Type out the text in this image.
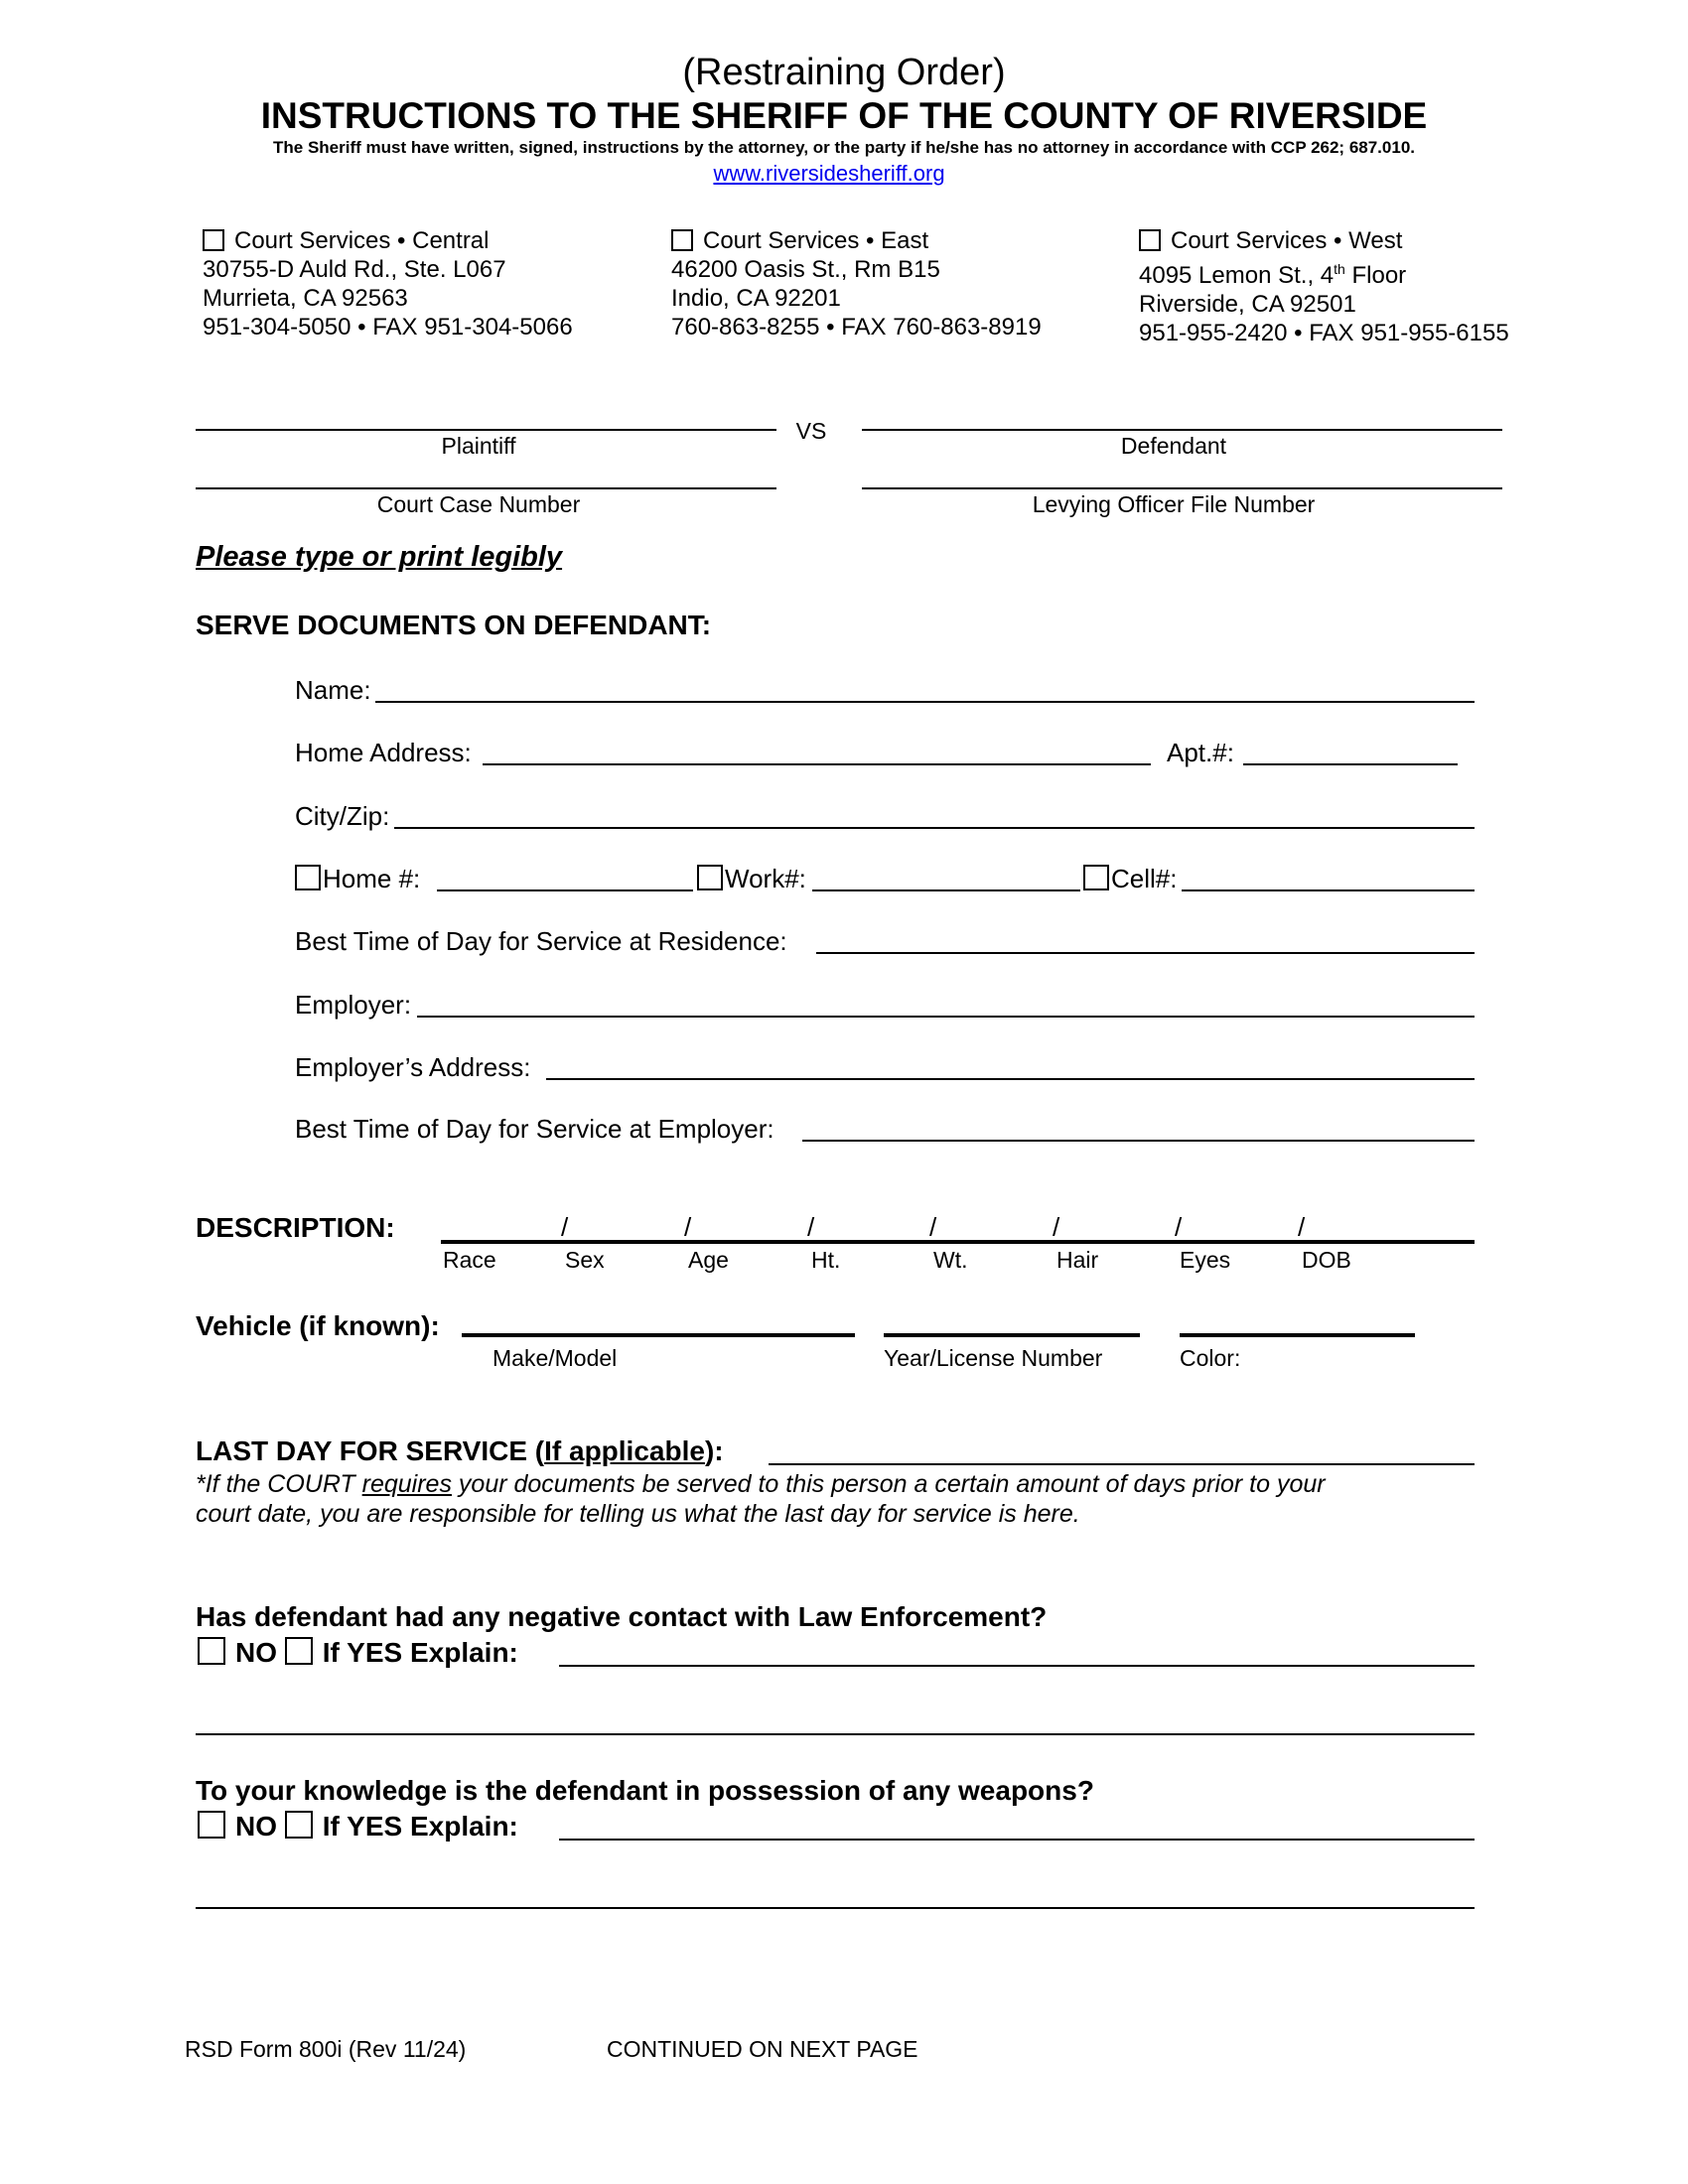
(Restraining Order)
INSTRUCTIONS TO THE SHERIFF OF THE COUNTY OF RIVERSIDE
The Sheriff must have written, signed, instructions by the attorney, or the party if he/she has no attorney in accordance with CCP 262; 687.010.
www.riversidesheriff.org
Court Services • Central
30755-D Auld Rd., Ste. L067
Murrieta, CA 92563
951-304-5050 • FAX 951-304-5066
Court Services • East
46200 Oasis St., Rm B15
Indio, CA 92201
760-863-8255 • FAX 760-863-8919
Court Services • West
4095 Lemon St., 4th Floor
Riverside, CA 92501
951-955-2420 • FAX 951-955-6155
Plaintiff
VS
Defendant
Court Case Number	Levying Officer File Number
Please type or print legibly
SERVE DOCUMENTS ON DEFENDANT:
Name:
Home Address:	Apt.#:
City/Zip:
Home #:	Work#:	Cell#:
Best Time of Day for Service at Residence:
Employer:
Employer’s Address:
Best Time of Day for Service at Employer:
DESCRIPTION:
Race	Sex	Age	Ht.	Wt.	Hair	Eyes	DOB
/	/	/	/	/	/	/
Vehicle (if known):
Make/Model	Year/License Number	Color:
LAST DAY FOR SERVICE (If applicable):
*If the COURT requires your documents be served to this person a certain amount of days prior to your
court date, you are responsible for telling us what the last day for service is here.
Has defendant had any negative contact with Law Enforcement?
NO If YES Explain:
To your knowledge is the defendant in possession of any weapons?
NO If YES Explain:
RSD Form 800i (Rev 11/24)	CONTINUED ON NEXT PAGE
